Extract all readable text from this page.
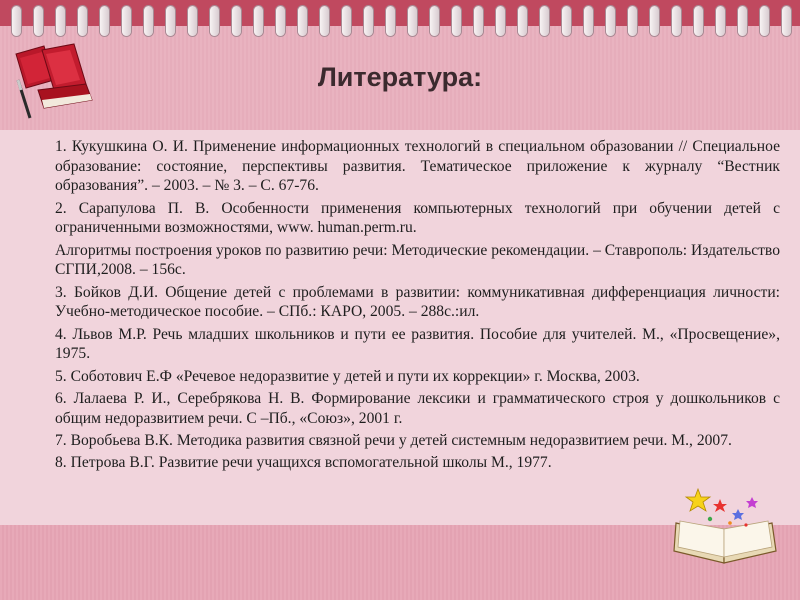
Литература:
1. Кукушкина О. И. Применение информационных технологий в специальном образовании // Специальное образование: состояние, перспективы развития. Тематическое приложение к журналу “Вестник образования”. – 2003. – № 3. – С. 67-76.
2. Сарапулова П. В. Особенности применения компьютерных технологий при обучении детей с ограниченными возможностями, www. human.perm.ru.
Алгоритмы построения уроков по развитию речи: Методические рекомендации. – Ставрополь: Издательство СГПИ,2008. – 156с.
3. Бойков Д.И. Общение детей с проблемами в развитии: коммуникативная дифференциация личности: Учебно-методическое пособие. – СПб.: КАРО, 2005. – 288с.:ил.
4. Львов М.Р. Речь младших школьников и пути ее развития. Пособие для учителей. М., «Просвещение», 1975.
5. Соботович Е.Ф «Речевое недоразвитие у детей и пути их коррекции» г. Москва, 2003.
6. Лалаева Р. И., Серебрякова Н. В. Формирование лексики и грамматического строя у дошкольников с общим недоразвитием речи. С –Пб., «Союз», 2001 г.
7. Воробьева В.К. Методика развития связной речи у детей системным недоразвитием речи. М., 2007.
8. Петрова В.Г. Развитие речи учащихся вспомогательной школы М., 1977.
